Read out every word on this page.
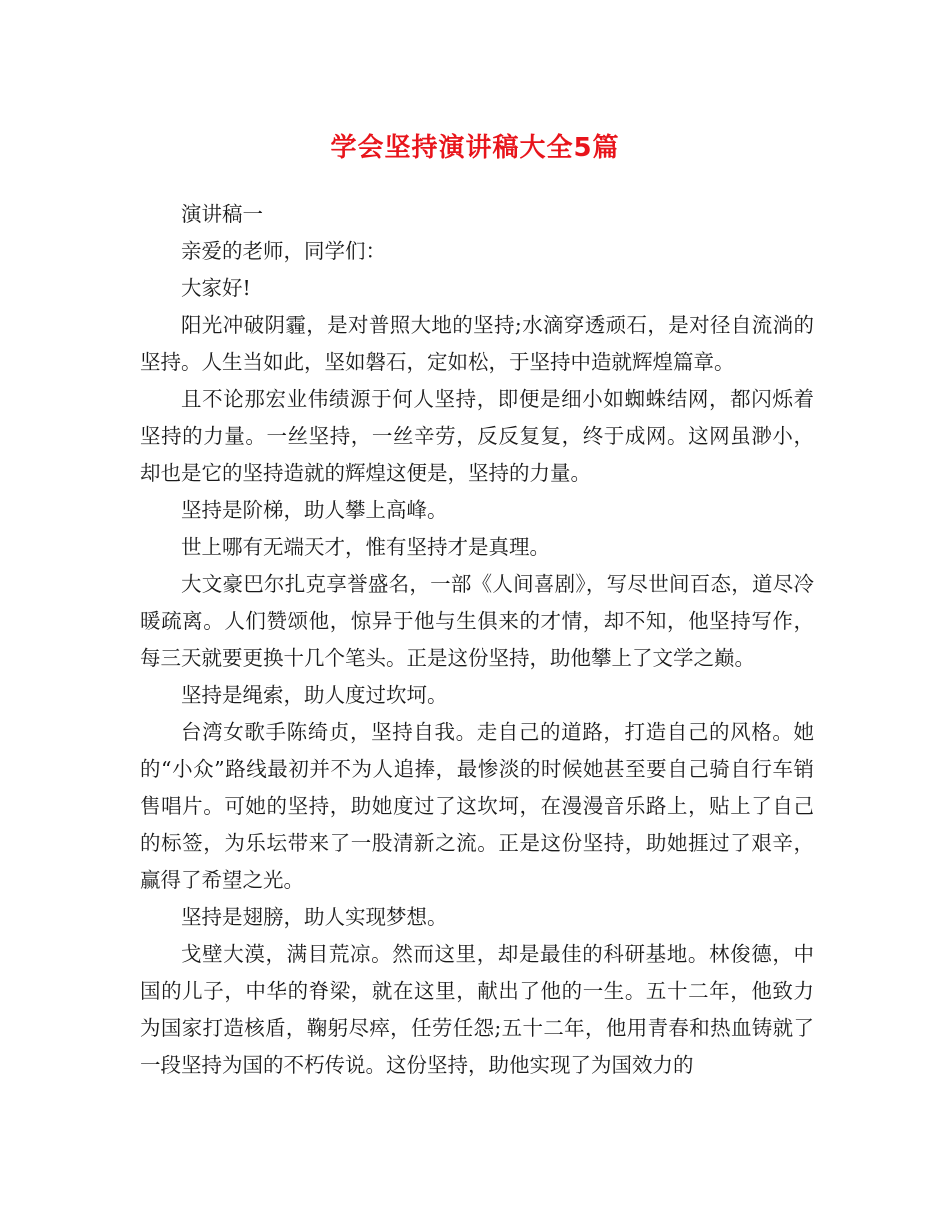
学会坚持演讲稿大全5篇

演讲稿一

亲爱的老师，同学们：

大家好!

阳光冲破阴霾，是对普照大地的坚持;水滴穿透顽石，是对径自流淌的坚持。人生当如此，坚如磐石，定如松，于坚持中造就辉煌篇章。

且不论那宏业伟绩源于何人坚持，即便是细小如蜘蛛结网，都闪烁着坚持的力量。一丝坚持，一丝辛劳，反反复复，终于成网。这网虽渺小，却也是它的坚持造就的辉煌这便是，坚持的力量。

坚持是阶梯，助人攀上高峰。

世上哪有无端天才，惟有坚持才是真理。

大文豪巴尔扎克享誉盛名，一部《人间喜剧》，写尽世间百态，道尽冷暖疏离。人们赞颂他，惊异于他与生俱来的才情，却不知，他坚持写作，每三天就要更换十几个笔头。正是这份坚持，助他攀上了文学之巅。

坚持是绳索，助人度过坎坷。

台湾女歌手陈绮贞，坚持自我。走自己的道路，打造自己的风格。她的“小众”路线最初并不为人追捧，最惨淡的时候她甚至要自己骑自行车销售唱片。可她的坚持，助她度过了这坎坷，在漫漫音乐路上，贴上了自己的标签，为乐坛带来了一股清新之流。正是这份坚持，助她捱过了艰辛，赢得了希望之光。

坚持是翅膀，助人实现梦想。

戈壁大漠，满目荒凉。然而这里，却是最佳的科研基地。林俊德，中国的儿子，中华的脊梁，就在这里，献出了他的一生。五十二年，他致力为国家打造核盾，鞠躬尽瘁，任劳任怨;五十二年，他用青春和热血铸就了一段坚持为国的不朽传说。这份坚持，助他实现了为国效力的
